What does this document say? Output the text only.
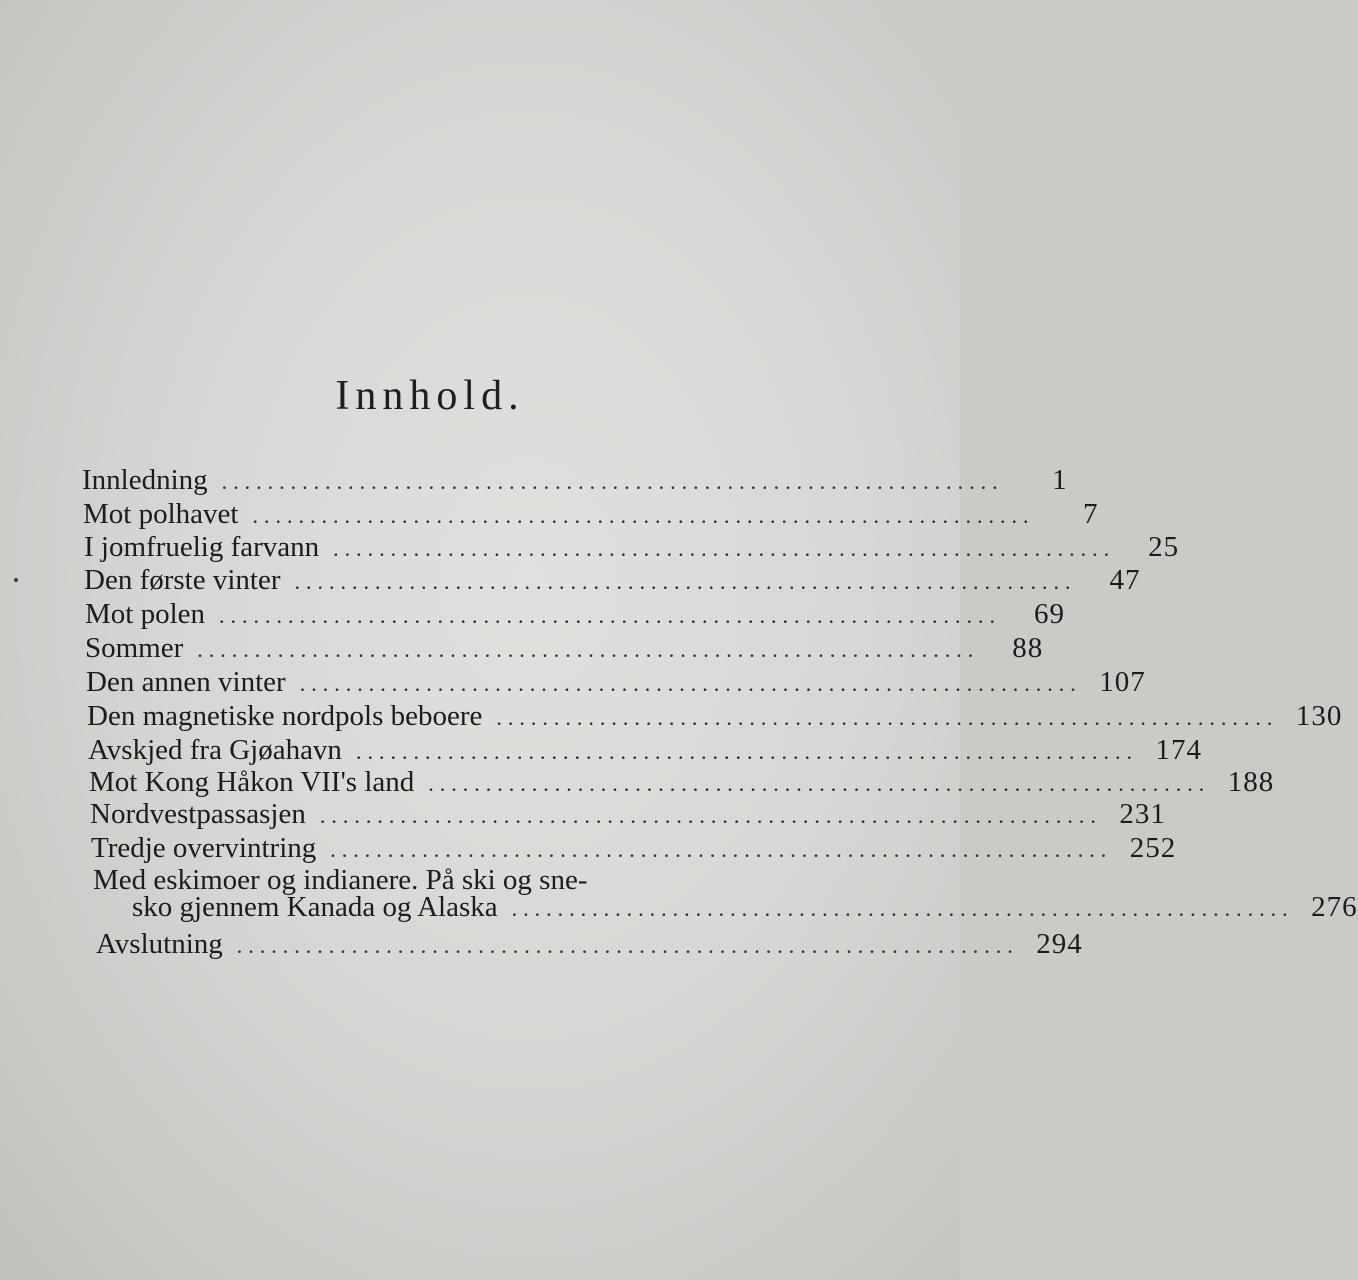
Innhold.
Innledning ....................................................................	1
Mot polhavet ....................................................................	7
I jomfruelig farvann ....................................................................	25
Den første vinter ....................................................................	47
Mot polen ....................................................................	69
Sommer ....................................................................	88
Den annen vinter .................................................................... 107
Den magnetiske nordpols beboere .................................................................... 130
Avskjed fra Gjøahavn .................................................................... 174
Mot Kong Håkon VII's land .................................................................... 188
Nordvestpassasjen .................................................................... 231
Tredje overvintring .................................................................... 252
Med eskimoer og indianere. På ski og sne-
sko gjennem Kanada og Alaska .................................................................... 276
Avslutning .................................................................... 294
